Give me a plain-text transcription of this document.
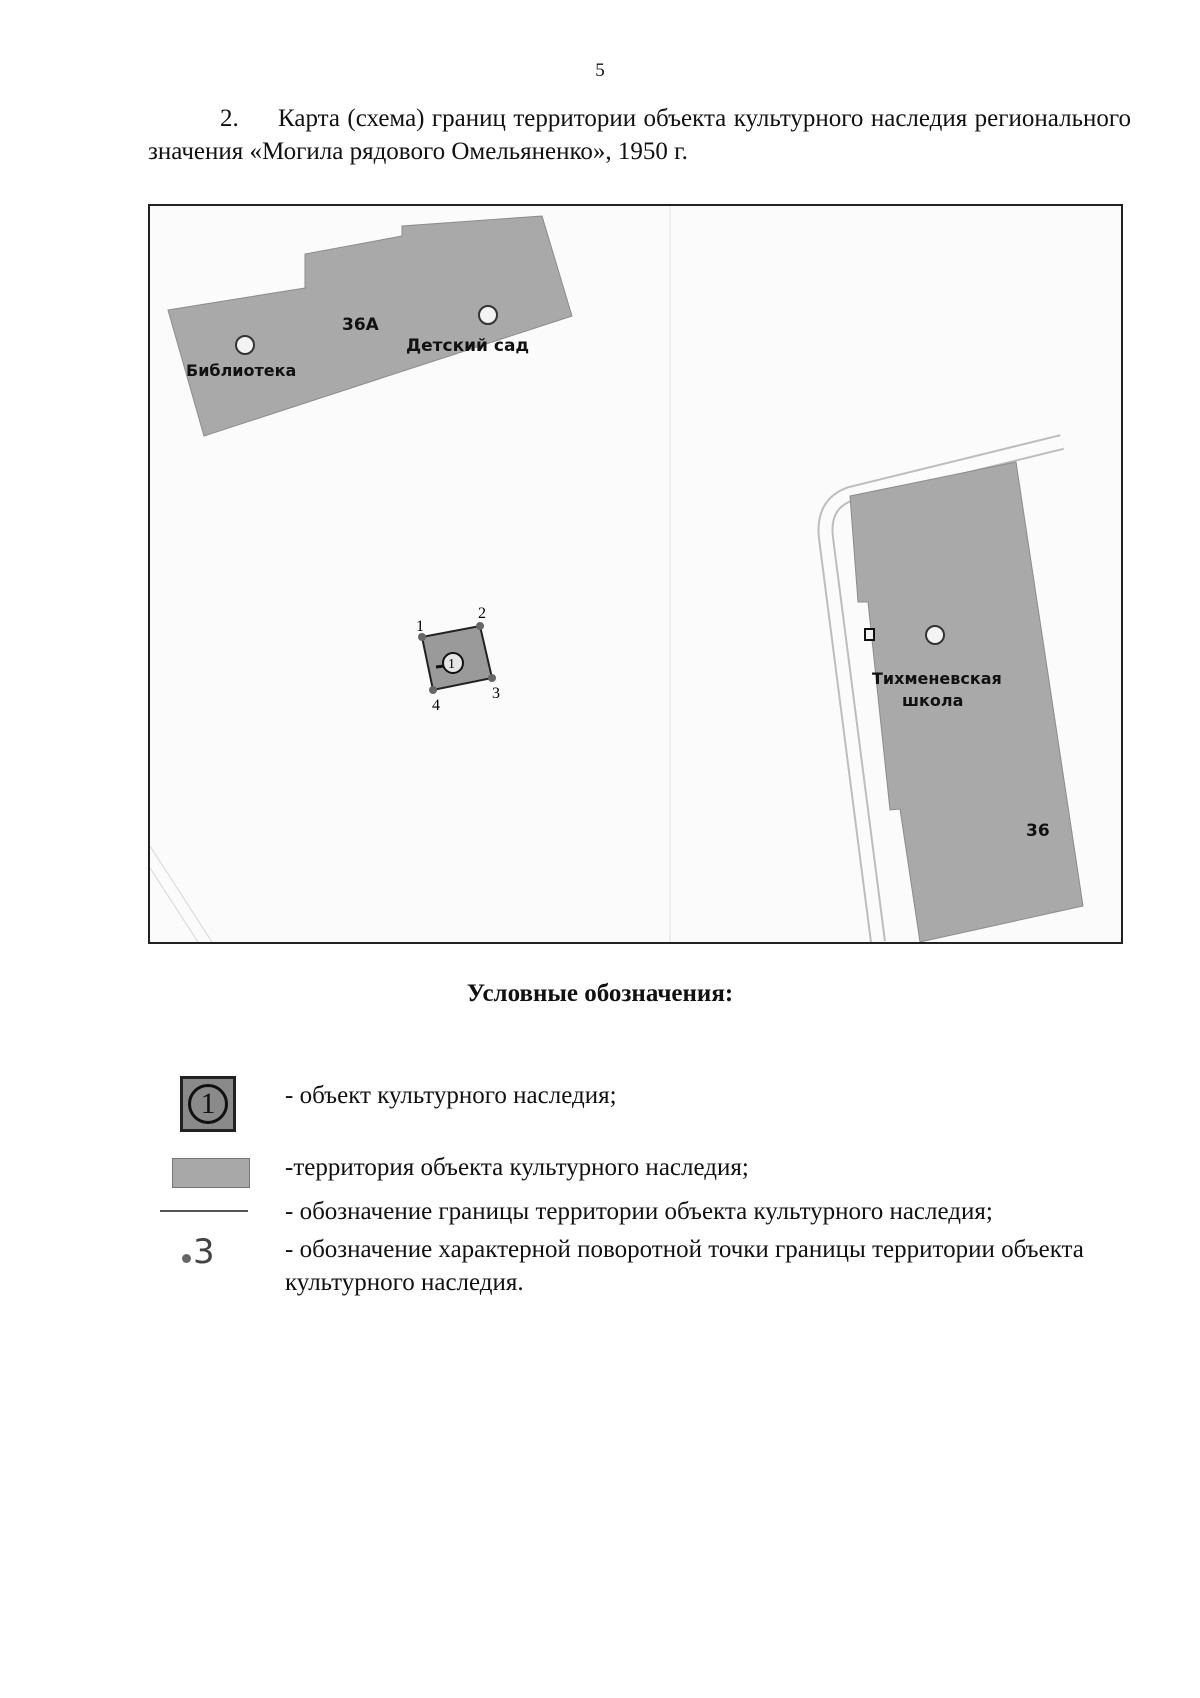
5
2. Карта (схема) границ территории объекта культурного наследия регионального значения «Могила рядового Омельяненко», 1950 г.
36А
Детский сад
Библиотека
Тихменевская
школа
36
1
1
2
3
4
Условные обозначения:
1	- объект культурного наследия;
-территория объекта культурного наследия;
- обозначение границы территории объекта культурного наследия;
3	- обозначение характерной поворотной точки границы территории объекта культурного наследия.
